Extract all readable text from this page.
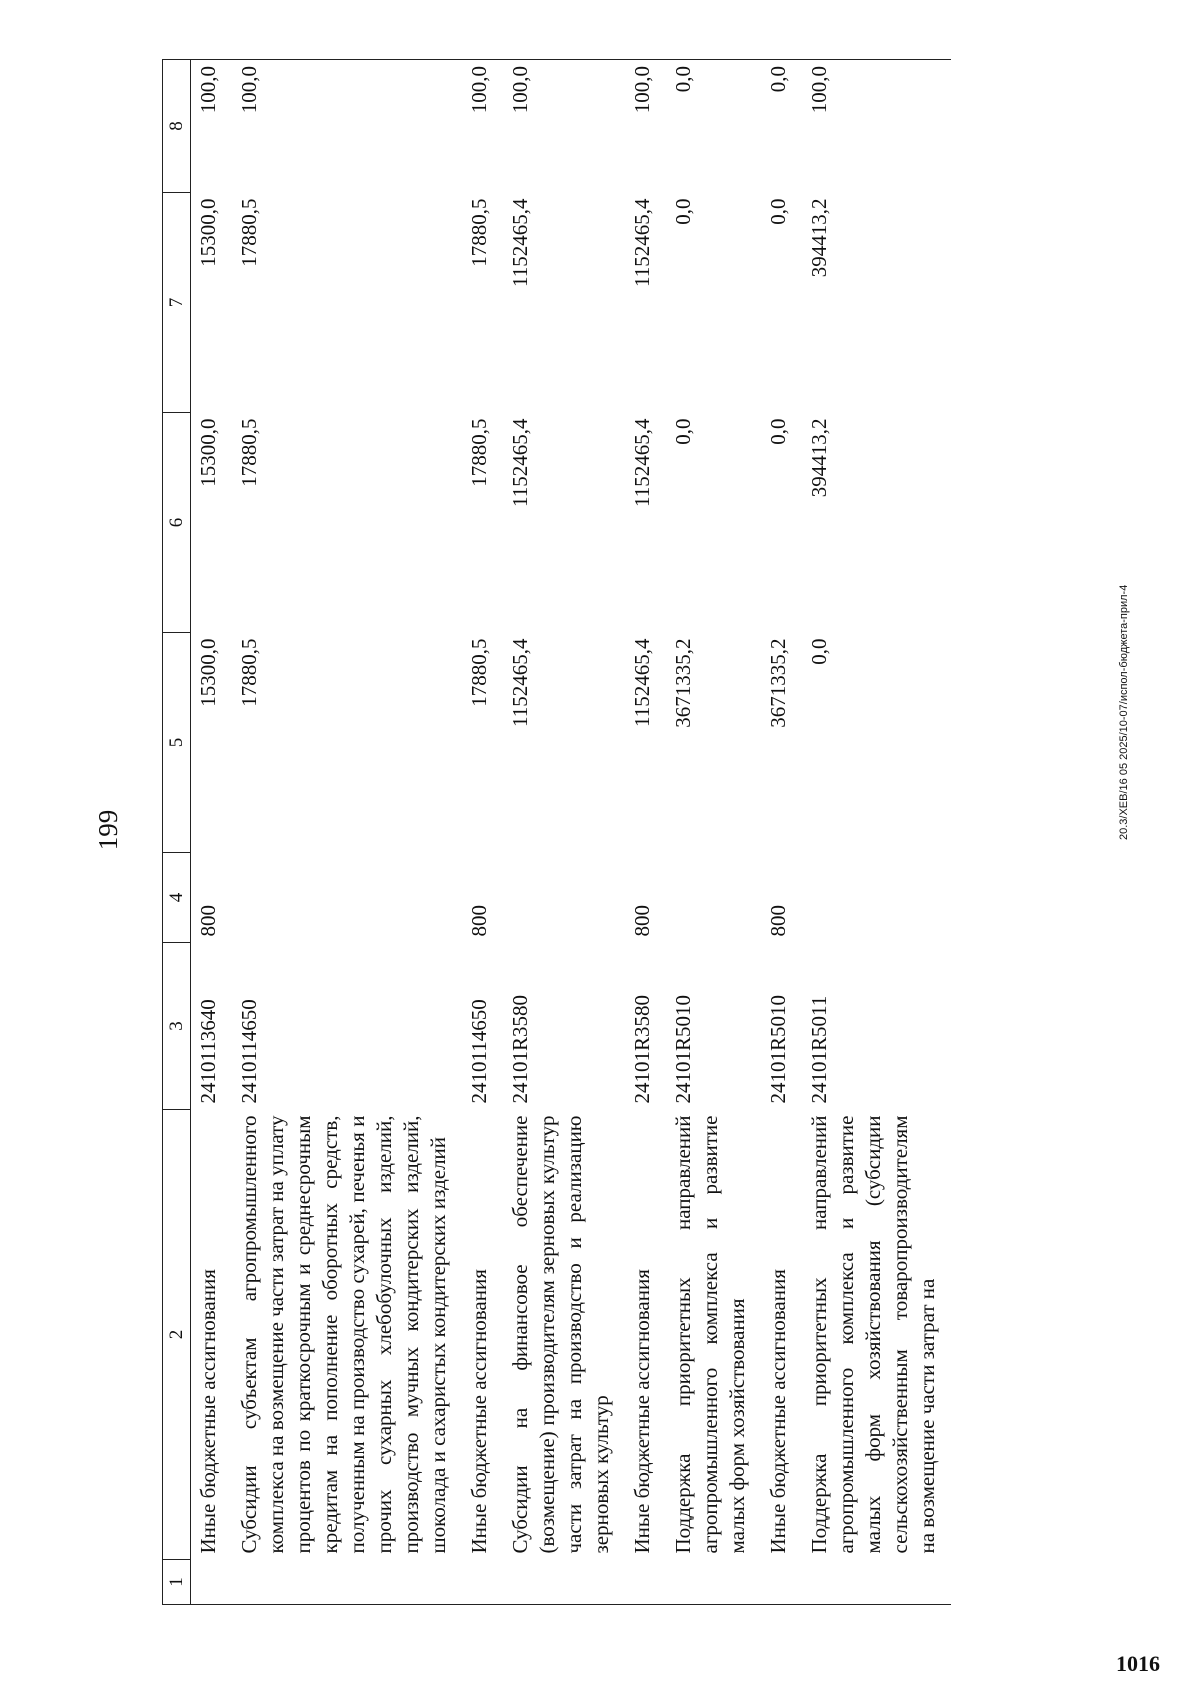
199
1	2	3	4	5	6	7	8
	Иные бюджетные ассигнования	2410113640	800	15300,0	15300,0	15300,0	100,0
	Субсидии субъектам агропромышленного комплекса на возмещение части затрат на уплату процентов по краткосрочным и среднесрочным кредитам на пополнение оборотных средств, полученным на производство сухарей, печенья и прочих сухарных хлебобулочных изделий, производство мучных кондитерских изделий, шоколада и сахаристых кондитерских изделий	2410114650		17880,5	17880,5	17880,5	100,0
	Иные бюджетные ассигнования	2410114650	800	17880,5	17880,5	17880,5	100,0
	Субсидии на финансовое обеспечение (возмещение) производителям зерновых культур части затрат на производство и реализацию зерновых культур	24101R3580		1152465,4	1152465,4	1152465,4	100,0
	Иные бюджетные ассигнования	24101R3580	800	1152465,4	1152465,4	1152465,4	100,0
	Поддержка приоритетных направлений агропромышленного комплекса и развитие малых форм хозяйствования	24101R5010		3671335,2	0,0	0,0	0,0
	Иные бюджетные ассигнования	24101R5010	800	3671335,2	0,0	0,0	0,0
	Поддержка приоритетных направлений агропромышленного комплекса и развитие малых форм хозяйствования (субсидии сельскохозяйственным товаропроизводителям на возмещение части затрат на	24101R5011		0,0	394413,2	394413,2	100,0
20.3/ХЕВ/16 05 2025/10-07/испол-бюджета-прил-4
1016
